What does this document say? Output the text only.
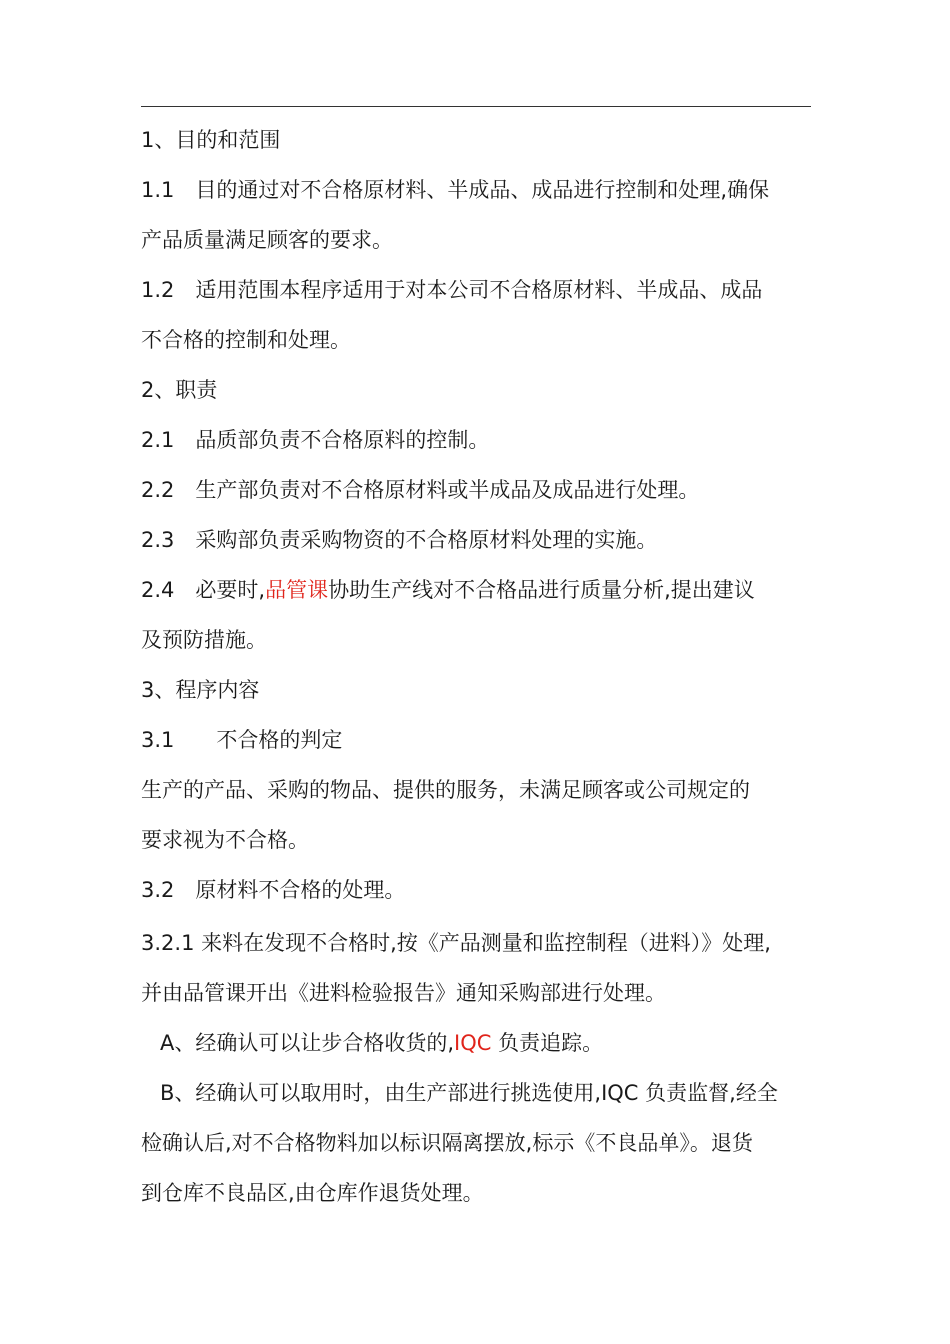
1、目的和范围
1.1　目的通过对不合格原材料、半成品、成品进行控制和处理,确保
产品质量满足顾客的要求。
1.2　适用范围本程序适用于对本公司不合格原材料、半成品、成品
不合格的控制和处理。
2、职责
2.1　品质部负责不合格原料的控制。
2.2　生产部负责对不合格原材料或半成品及成品进行处理。
2.3　采购部负责采购物资的不合格原材料处理的实施。
2.4　必要时,品管课协助生产线对不合格品进行质量分析,提出建议
及预防措施。
3、程序内容
3.1　　不合格的判定
生产的产品、采购的物品、提供的服务，未满足顾客或公司规定的
要求视为不合格。
3.2　原材料不合格的处理。
3.2.1 来料在发现不合格时,按《产品测量和监控制程（进料）》处理,
并由品管课开出《进料检验报告》通知采购部进行处理。
A、经确认可以让步合格收货的,IQC 负责追踪。
B、经确认可以取用时，由生产部进行挑选使用,IQC 负责监督,经全
检确认后,对不合格物料加以标识隔离摆放,标示《不良品单》。退货
到仓库不良品区,由仓库作退货处理。
